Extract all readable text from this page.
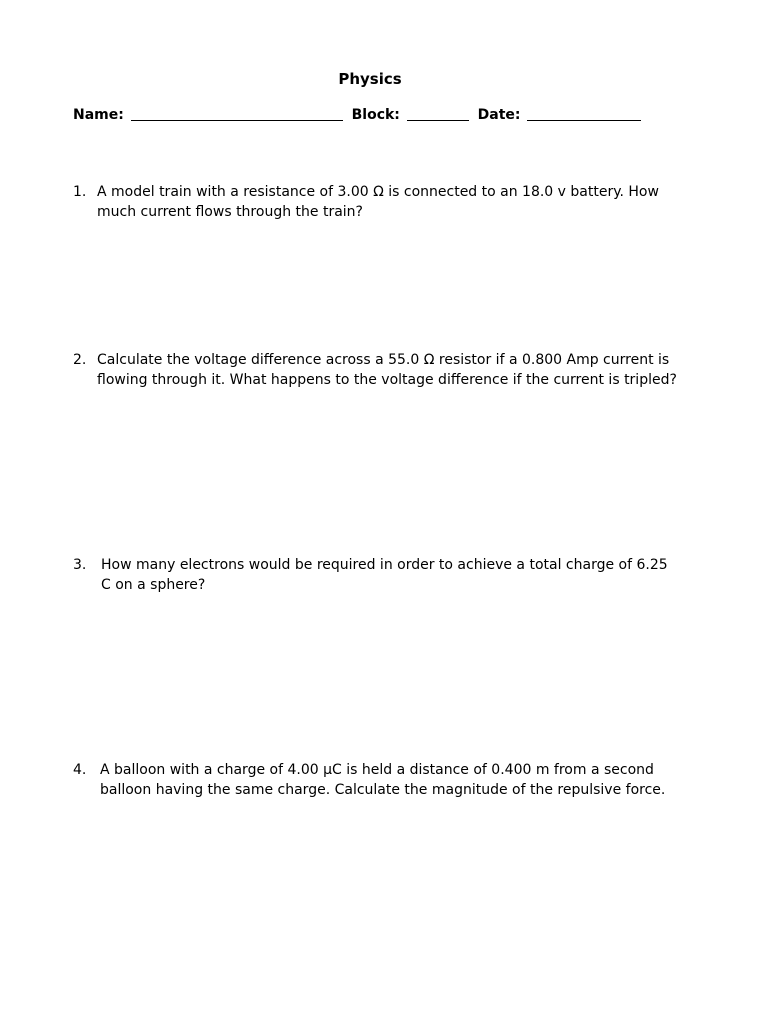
Physics
Name:	Block:	Date:
1. A model train with a resistance of 3.00 Ω is connected to an 18.0 v battery. How much current flows through the train?
2. Calculate the voltage difference across a 55.0 Ω resistor if a 0.800 Amp current is flowing through it. What happens to the voltage difference if the current is tripled?
3. How many electrons would be required in order to achieve a total charge of 6.25 C on a sphere?
4. A balloon with a charge of 4.00 μC is held a distance of 0.400 m from a second balloon having the same charge. Calculate the magnitude of the repulsive force.
